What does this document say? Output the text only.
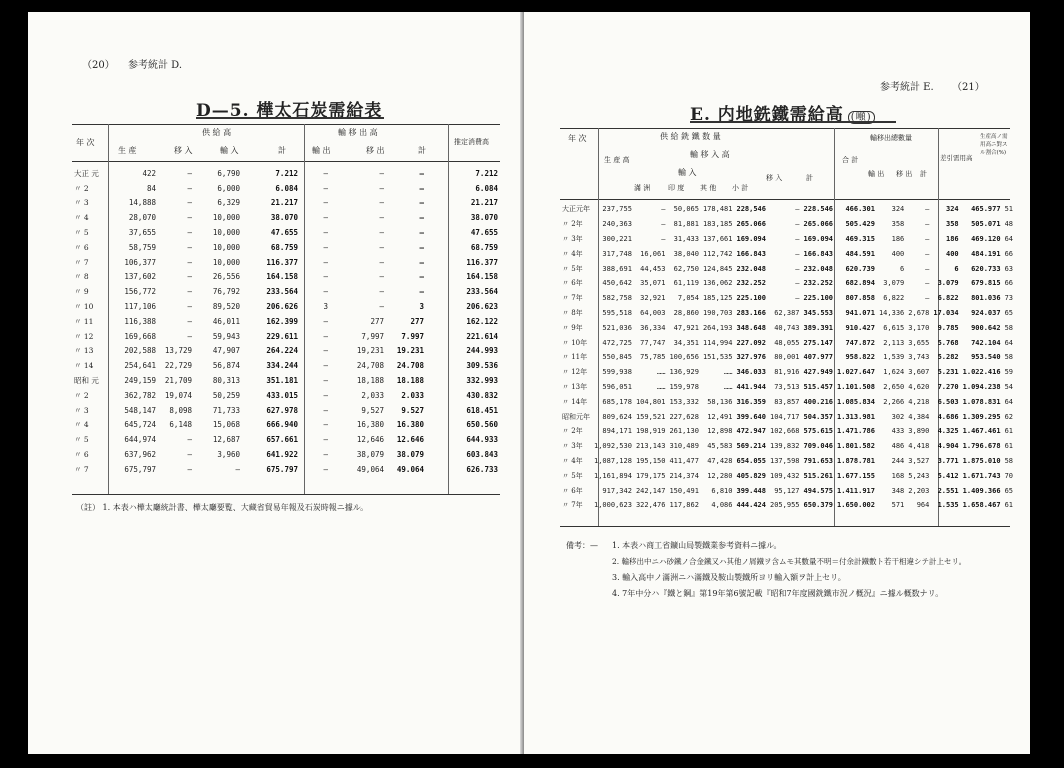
（20） 参考統計 D.
D—5. 樺太石炭需給表
年 次
供 給 高
生 産	移 入	輸 入	計
輸 移 出 高
輸 出	移 出	計
推定消費高
大正 元	422	—	6,790	7.212	—	—	—	7.212
〃 2	84	—	6,000	6.084	—	—	—	6.084
〃 3	14,888	—	6,329	21.217	—	—	—	21.217
〃 4	28,070	—	10,000	38.070	—	—	—	38.070
〃 5	37,655	—	10,000	47.655	—	—	—	47.655
〃 6	58,759	—	10,000	68.759	—	—	—	68.759
〃 7	106,377	—	10,000	116.377	—	—	—	116.377
〃 8	137,602	—	26,556	164.158	—	—	—	164.158
〃 9	156,772	—	76,792	233.564	—	—	—	233.564
〃 10	117,106	—	89,520	206.626	3	—	3	206.623
〃 11	116,388	—	46,011	162.399	—	277	277	162.122
〃 12	169,668	—	59,943	229.611	—	7,997	7.997	221.614
〃 13	202,588	13,729	47,907	264.224	—	19,231	19.231	244.993
〃 14	254,641	22,729	56,874	334.244	—	24,708	24.708	309.536
昭和 元	249,159	21,709	80,313	351.181	—	18,188	18.188	332.993
〃 2	362,782	19,074	50,259	433.015	—	2,033	2.033	430.832
〃 3	548,147	8,098	71,733	627.978	—	9,527	9.527	618.451
〃 4	645,724	6,148	15,068	666.940	—	16,380	16.380	650.560
〃 5	644,974	—	12,687	657.661	—	12,646	12.646	644.933
〃 6	637,962	—	3,960	641.922	—	38,079	38.079	603.843
〃 7	675,797	—	—	675.797	—	49,064	49.064	626.733
（註） 1. 本表ハ樺太廳統計書、樺太廳要覧、大藏省貿易年報及石炭時報ニ據ル。
参考統計 E. （21）
E. 内地銑鐵需給高 (噸)
年 次	供 給 銑 鐵 数 量
生 産 高
輸 移 入 高
輸 入
滿 洲	印 度 其 他 小 計
移 入	計
合 計
輸移出總數量
輸 出 移 出 計
差引需用高
生産高ノ需用高ニ對スル割合(%)
大正元年	237,755	—	50,065	178,481	228,546	—	228.546	466.301	324	—	324	465.977	51
〃 2年	240,363	—	81,881	183,185	265.066	—	265.066	505.429	358	—	358	505.071	48
〃 3年	300,221	—	31,433	137,661	169.094	—	169.094	469.315	186	—	186	469.120	64
〃 4年	317,748	16,061	38,040	112,742	166.843	—	166.843	484.591	400	—	400	484.191	66
〃 5年	388,691	44,453	62,750	124,845	232.048	—	232.048	620.739	6	—	6	620.733	63
〃 6年	450,642	35,071	61,119	136,062	232.252	—	232.252	682.894	3,079	—	3.079	679.815	66
〃 7年	582,758	32,921	7,054	185,125	225.100	—	225.100	807.858	6,822	—	6.822	801.036	73
〃 8年	595,518	64,003	28,860	190,703	283.166	62,387	345.553	941.071	14,336	2,678	17.034	924.037	65
〃 9年	521,036	36,334	47,921	264,193	348.648	40,743	389.391	910.427	6,615	3,170	9.785	900.642	58
〃 10年	472,725	77,747	34,351	114,994	227.092	48,055	275.147	747.872	2,113	3,655	5.768	742.104	64
〃 11年	550,845	75,785	100,656	151,535	327.976	80,001	407.977	958.822	1,539	3,743	5.282	953.540	58
〃 12年	599,938	……	136,929	……	346.033	81,916	427.949	1.027.647	1,624	3,607	5.231	1.022.416	59
〃 13年	596,051	……	159,978	……	441.944	73,513	515.457	1.101.508	2,650	4,620	7.270	1.094.238	54
〃 14年	685,178	104,801	153,332	58,136	316.359	83,857	400.216	1.085.834	2,266	4,218	6.503	1.078.831	64
昭和元年	809,624	159,521	227,628	12,491	399.640	104,717	504.357	1.313.981	302	4,384	4.686	1.309.295	62
〃 2年	894,171	198,919	261,130	12,898	472.947	102,668	575.615	1.471.786	433	3,890	4.325	1.467.461	61
〃 3年	1,092,530	213,143	310,489	45,583	569.214	139,832	709.046	1.801.582	486	4,418	4.904	1.796.678	61
〃 4年	1,087,128	195,150	411,477	47,428	654.055	137,598	791.653	1.878.781	244	3,527	3.771	1.875.010	58
〃 5年	1,161,894	179,175	214,374	12,280	405.829	109,432	515.261	1.677.155	168	5,243	5.412	1.671.743	70
〃 6年	917,342	242,147	150,491	6,810	399.448	95,127	494.575	1.411.917	348	2,203	2.551	1.409.366	65
〃 7年	1,000,623	322,476	117,862	4,086	444.424	205,955	650.379	1.650.002	571	964	1.535	1.658.467	61
備考：— 1. 本表ハ商工省鑛山局製鐵業参考資料ニ據ル。
2. 輸移出中ニハ砂鐵ノ合金鐵又ハ其他ノ屑鐵ヲ含ムモ其數量不明＝付余計鐵數ト若干相違シテ計上セリ。
3. 輸入高中ノ滿洲ニハ滿鐵及鞍山製鐵所ヨリ輸入額ヲ計上セリ。
4. 7年中分ハ『鐵と鋼』第19年第6號記載『昭和7年度國銑鐵市況ノ概況』ニ據ル概数ナリ。
